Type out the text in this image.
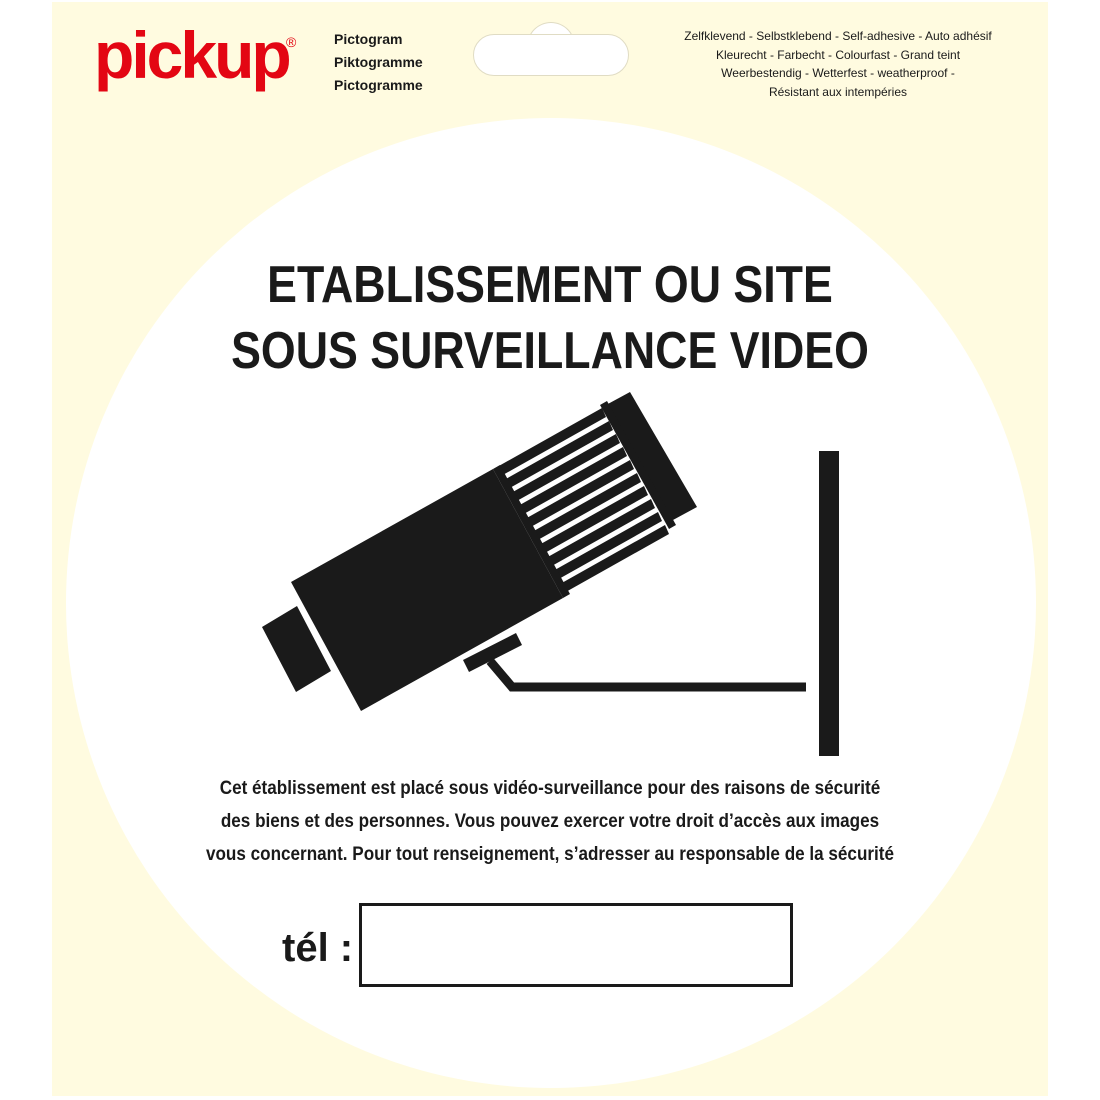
pickup
®	Pictogram
Piktogramme
Pictogramme
Zelfklevend - Selbstklebend - Self-adhesive - Auto adhésif
Kleurecht - Farbecht - Colourfast - Grand teint
Weerbestendig - Wetterfest - weatherproof -
Résistant aux intempéries
ETABLISSEMENT OU SITE
SOUS SURVEILLANCE VIDEO
Cet établissement est placé sous vidéo-surveillance pour des raisons de sécurité
des biens et des personnes. Vous pouvez exercer votre droit d’accès aux images
vous concernant. Pour tout renseignement, s’adresser au responsable de la sécurité
tél :
